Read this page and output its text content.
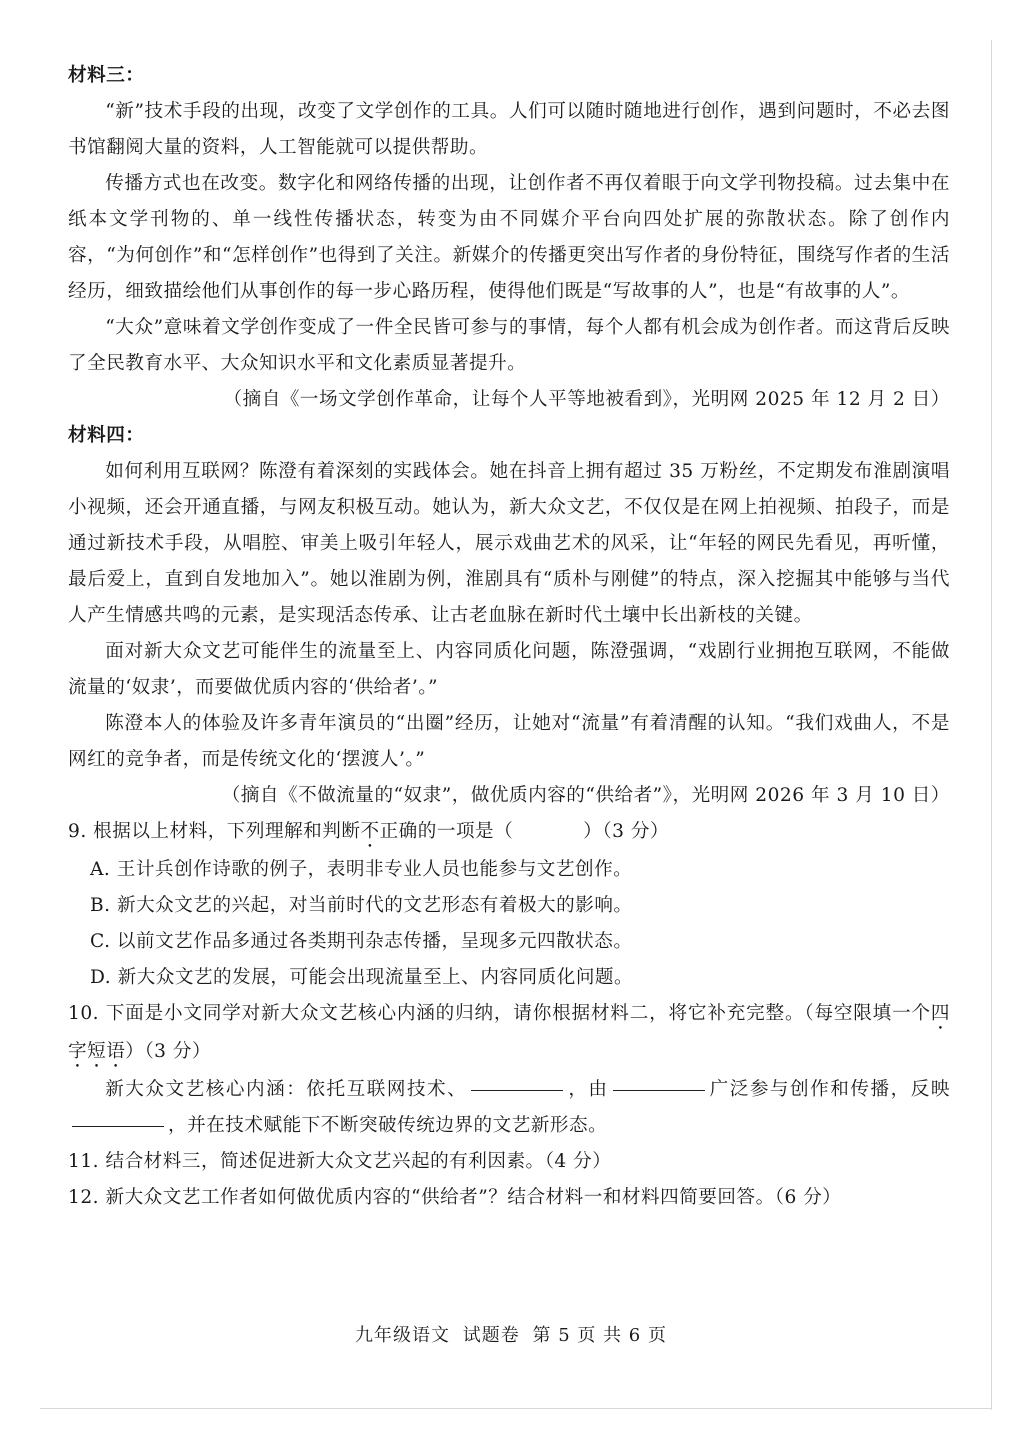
材料三：

“新”技术手段的出现，改变了文学创作的工具。人们可以随时随地进行创作，遇到问题时，不必去图书馆翻阅大量的资料，人工智能就可以提供帮助。

传播方式也在改变。数字化和网络传播的出现，让创作者不再仅着眼于向文学刊物投稿。过去集中在纸本文学刊物的、单一线性传播状态，转变为由不同媒介平台向四处扩展的弥散状态。除了创作内容，“为何创作”和“怎样创作”也得到了关注。新媒介的传播更突出写作者的身份特征，围绕写作者的生活经历，细致描绘他们从事创作的每一步心路历程，使得他们既是“写故事的人”，也是“有故事的人”。

“大众”意味着文学创作变成了一件全民皆可参与的事情，每个人都有机会成为创作者。而这背后反映了全民教育水平、大众知识水平和文化素质显著提升。

（摘自《一场文学创作革命，让每个人平等地被看到》，光明网 2025 年 12 月 2 日）

材料四：

如何利用互联网？陈澄有着深刻的实践体会。她在抖音上拥有超过 35 万粉丝，不定期发布淮剧演唱小视频，还会开通直播，与网友积极互动。她认为，新大众文艺，不仅仅是在网上拍视频、拍段子，而是通过新技术手段，从唱腔、审美上吸引年轻人，展示戏曲艺术的风采，让“年轻的网民先看见，再听懂，最后爱上，直到自发地加入”。她以淮剧为例，淮剧具有“质朴与刚健”的特点，深入挖掘其中能够与当代人产生情感共鸣的元素，是实现活态传承、让古老血脉在新时代土壤中长出新枝的关键。

面对新大众文艺可能伴生的流量至上、内容同质化问题，陈澄强调，“戏剧行业拥抱互联网，不能做流量的‘奴隶’，而要做优质内容的‘供给者’。”

陈澄本人的体验及许多青年演员的“出圈”经历，让她对“流量”有着清醒的认知。“我们戏曲人，不是网红的竞争者，而是传统文化的‘摆渡人’。”

（摘自《不做流量的“奴隶”，做优质内容的“供给者”》，光明网 2026 年 3 月 10 日）

9. 根据以上材料，下列理解和判断不正确的一项是（	）（3 分）

A. 王计兵创作诗歌的例子，表明非专业人员也能参与文艺创作。

B. 新大众文艺的兴起，对当前时代的文艺形态有着极大的影响。

C. 以前文艺作品多通过各类期刊杂志传播，呈现多元四散状态。

D. 新大众文艺的发展，可能会出现流量至上、内容同质化问题。

10. 下面是小文同学对新大众文艺核心内涵的归纳，请你根据材料二，将它补充完整。（每空限填一个四字短语）（3 分）

新大众文艺核心内涵：依托互联网技术、	，由	广泛参与创作和传播，反映，并在技术赋能下不断突破传统边界的文艺新形态。

11. 结合材料三，简述促进新大众文艺兴起的有利因素。（4 分）

12. 新大众文艺工作者如何做优质内容的“供给者”？结合材料一和材料四简要回答。（6 分）

九年级语文 试题卷 第 5 页 共 6 页
